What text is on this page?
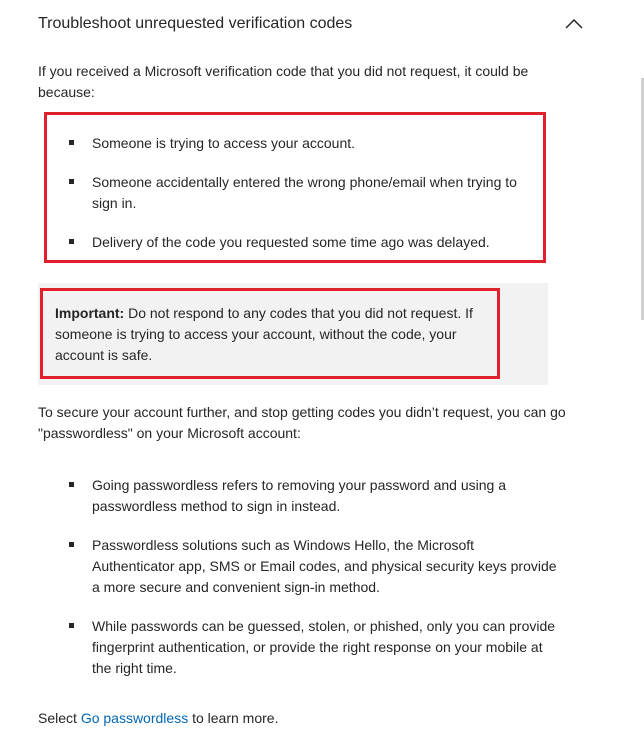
Troubleshoot unrequested verification codes
If you received a Microsoft verification code that you did not request, it could be because:
Someone is trying to access your account.
Someone accidentally entered the wrong phone/email when trying to sign in.
Delivery of the code you requested some time ago was delayed.
Important: Do not respond to any codes that you did not request. If someone is trying to access your account, without the code, your account is safe.
To secure your account further, and stop getting codes you didn’t request, you can go "passwordless" on your Microsoft account:
Going passwordless refers to removing your password and using a passwordless method to sign in instead.
Passwordless solutions such as Windows Hello, the Microsoft Authenticator app, SMS or Email codes, and physical security keys provide a more secure and convenient sign-in method.
While passwords can be guessed, stolen, or phished, only you can provide fingerprint authentication, or provide the right response on your mobile at the right time.
Select Go passwordless to learn more.
